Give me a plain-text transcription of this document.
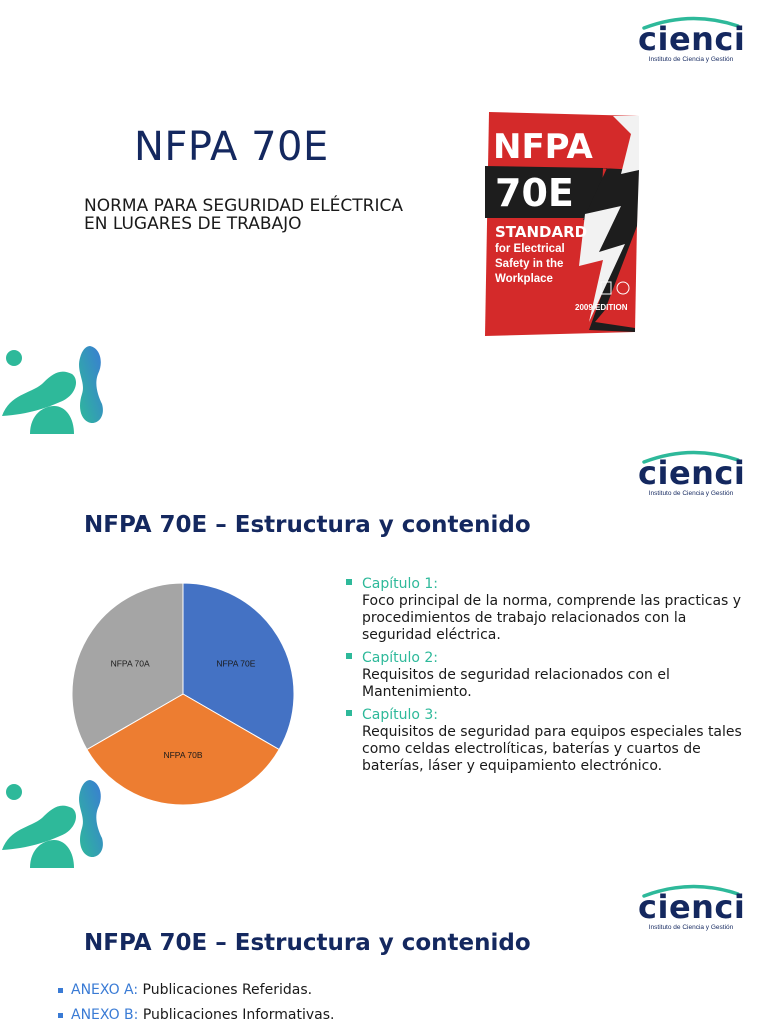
cienci
Instituto de Ciencia y Gestión
NFPA 70E
NORMA PARA SEGURIDAD ELÉCTRICA
EN LUGARES DE TRABAJO
NFPA
70E
STANDARD
for Electrical
Safety in the
Workplace
2009 EDITION
cienci
Instituto de Ciencia y Gestión
NFPA 70E – Estructura y contenido
NFPA 70E
NFPA 70B
NFPA 70A
Capítulo 1:
Foco principal de la norma, comprende las practicas y procedimientos de trabajo relacionados con la seguridad eléctrica.
Capítulo 2:
Requisitos de seguridad relacionados con el Mantenimiento.
Capítulo 3:
Requisitos de seguridad para equipos especiales tales como celdas electrolíticas, baterías y cuartos de baterías, láser y equipamiento electrónico.
cienci
Instituto de Ciencia y Gestión
NFPA 70E – Estructura y contenido
ANEXO A: Publicaciones Referidas.
ANEXO B: Publicaciones Informativas.
